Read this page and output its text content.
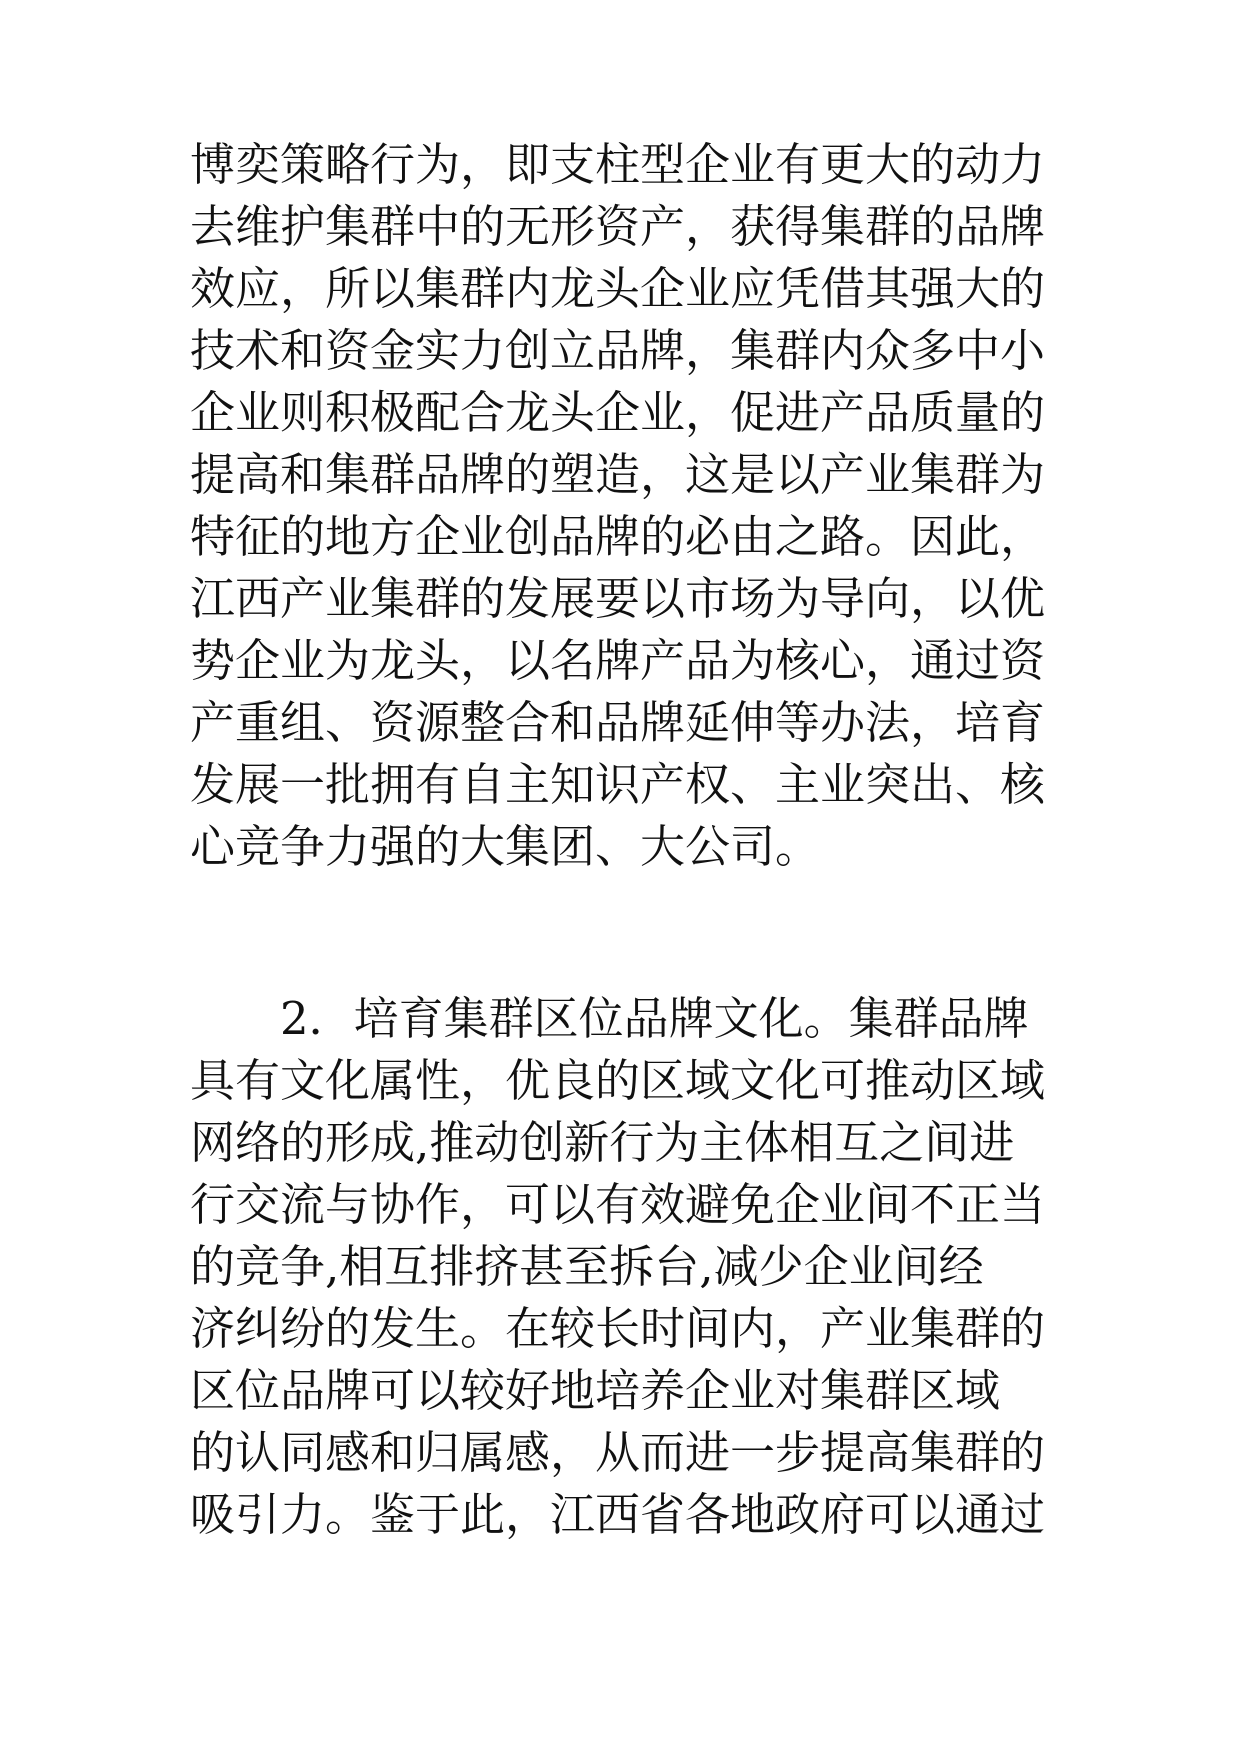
博奕策略行为，即支柱型企业有更大的动力
去维护集群中的无形资产，获得集群的品牌
效应，所以集群内龙头企业应凭借其强大的
技术和资金实力创立品牌，集群内众多中小
企业则积极配合龙头企业，促进产品质量的
提高和集群品牌的塑造，这是以产业集群为
特征的地方企业创品牌的必由之路。因此，
江西产业集群的发展要以市场为导向，以优
势企业为龙头，以名牌产品为核心，通过资
产重组、资源整合和品牌延伸等办法，培育
发展一批拥有自主知识产权、主业突出、核
心竞争力强的大集团、大公司。
　　2．培育集群区位品牌文化。集群品牌
具有文化属性，优良的区域文化可推动区域
网络的形成,推动创新行为主体相互之间进
行交流与协作，可以有效避免企业间不正当
的竞争,相互排挤甚至拆台,减少企业间经
济纠纷的发生。在较长时间内，产业集群的
区位品牌可以较好地培养企业对集群区域
的认同感和归属感，从而进一步提高集群的
吸引力。鉴于此，江西省各地政府可以通过
